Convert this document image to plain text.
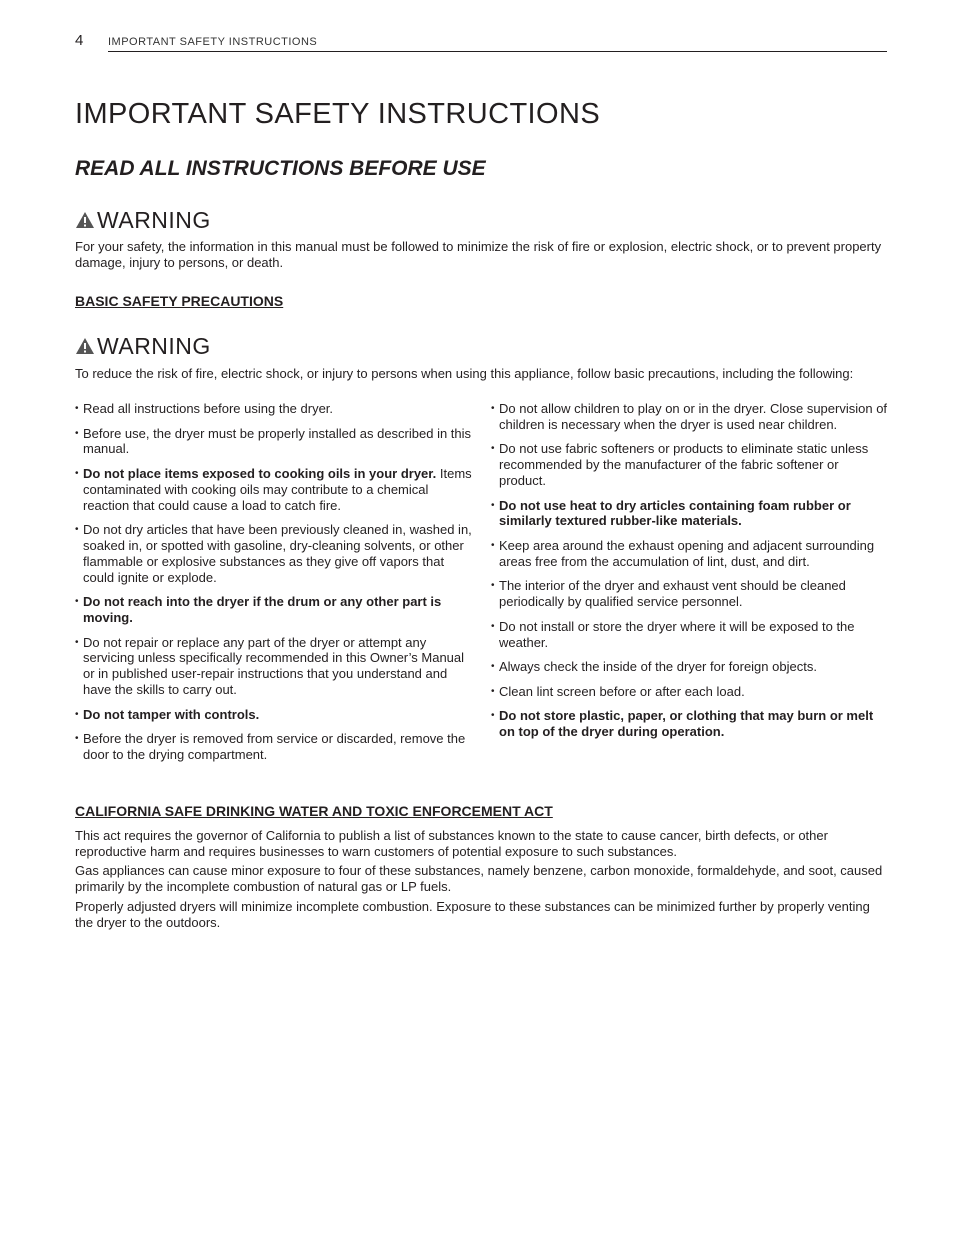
4 IMPORTANT SAFETY INSTRUCTIONS
IMPORTANT SAFETY INSTRUCTIONS
READ ALL INSTRUCTIONS BEFORE USE
WARNING

For your safety, the information in this manual must be followed to minimize the risk of fire or explosion, electric shock, or to prevent property damage, injury to persons, or death.

BASIC SAFETY PRECAUTIONS
WARNING

To reduce the risk of fire, electric shock, or injury to persons when using this appliance, follow basic precautions, including the following:

• Read all instructions before using the dryer.
• Before use, the dryer must be properly installed as described in this manual.
• Do not place items exposed to cooking oils in your dryer. Items contaminated with cooking oils may contribute to a chemical reaction that could cause a load to catch fire.
• Do not dry articles that have been previously cleaned in, washed in, soaked in, or spotted with gasoline, dry-cleaning solvents, or other flammable or explosive substances as they give off vapors that could ignite or explode.
• Do not reach into the dryer if the drum or any other part is moving.
• Do not repair or replace any part of the dryer or attempt any servicing unless specifically recommended in this Owner’s Manual or in published user-repair instructions that you understand and have the skills to carry out.
• Do not tamper with controls.
• Before the dryer is removed from service or discarded, remove the door to the drying compartment.
• Do not allow children to play on or in the dryer. Close supervision of children is necessary when the dryer is used near children.
• Do not use fabric softeners or products to eliminate static unless recommended by the manufacturer of the fabric softener or product.
• Do not use heat to dry articles containing foam rubber or similarly textured rubber-like materials.
• Keep area around the exhaust opening and adjacent surrounding areas free from the accumulation of lint, dust, and dirt.
• The interior of the dryer and exhaust vent should be cleaned periodically by qualified service personnel.
• Do not install or store the dryer where it will be exposed to the weather.
• Always check the inside of the dryer for foreign objects.
• Clean lint screen before or after each load.
• Do not store plastic, paper, or clothing that may burn or melt on top of the dryer during operation.
CALIFORNIA SAFE DRINKING WATER AND TOXIC ENFORCEMENT ACT

This act requires the governor of California to publish a list of substances known to the state to cause cancer, birth defects, or other reproductive harm and requires businesses to warn customers of potential exposure to such substances.

Gas appliances can cause minor exposure to four of these substances, namely benzene, carbon monoxide, formaldehyde, and soot, caused primarily by the incomplete combustion of natural gas or LP fuels.

Properly adjusted dryers will minimize incomplete combustion. Exposure to these substances can be minimized further by properly venting the dryer to the outdoors.
